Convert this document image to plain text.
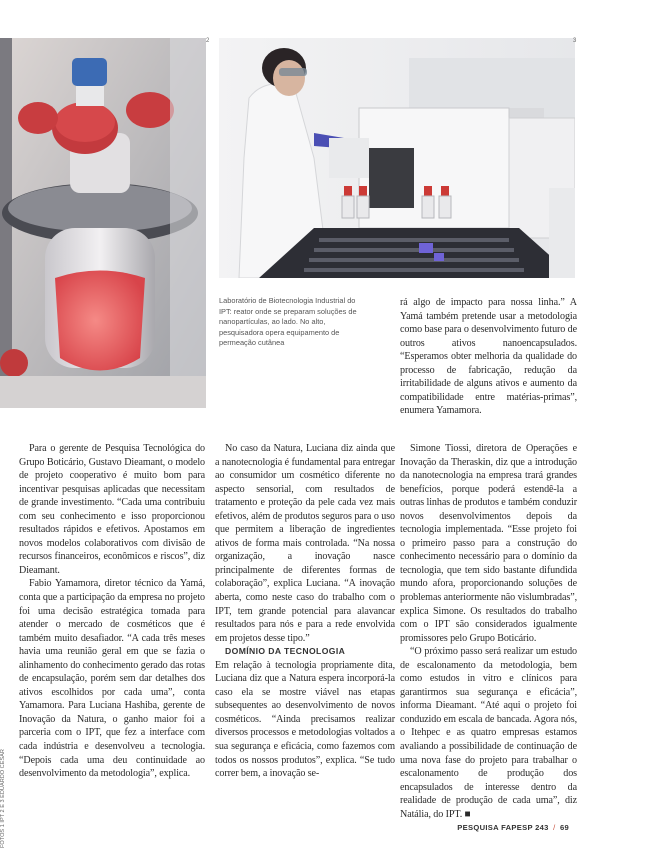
2	3
Laboratório de Biotecnologia Industrial do IPT: reator onde se preparam soluções de nanopartículas, ao lado. No alto, pesquisadora opera equipamento de permeação cutânea

rá algo de impacto para nossa linha.” A Yamá também pretende usar a metodologia como base para o desenvolvimento futuro de outros ativos nanoencapsulados. “Esperamos obter melhoria da qualidade do processo de fabricação, redução da irritabilidade de alguns ativos e aumento da compatibilidade entre matérias-primas”, enumera Yamamora.

Para o gerente de Pesquisa Tecnológica do Grupo Boticário, Gustavo Dieamant, o modelo de projeto cooperativo é muito bom para incentivar pesquisas aplicadas que necessitam de grande investimento. “Cada uma contribuiu com seu conhecimento e isso proporcionou resultados rápidos e efetivos. Apostamos em novos modelos colaborativos com divisão de recursos financeiros, econômicos e riscos”, diz Dieamant.

Fabio Yamamora, diretor técnico da Yamá, conta que a participação da empresa no projeto foi uma decisão estratégica tomada para atender o mercado de cosméticos que é também muito desafiador. “A cada três meses havia uma reunião geral em que se fazia o alinhamento do conhecimento gerado das rotas de encapsulação, porém sem dar detalhes dos ativos escolhidos por cada uma”, conta Yamamora. Para Luciana Hashiba, gerente de Inovação da Natura, o ganho maior foi a parceria com o IPT, que fez a interface com cada indústria e desenvolveu a tecnologia. “Depois cada uma deu continuidade ao desenvolvimento da metodologia”, explica.

No caso da Natura, Luciana diz ainda que a nanotecnologia é fundamental para entregar ao consumidor um cosmético diferente no aspecto sensorial, com resultados de tratamento e proteção da pele cada vez mais efetivos, além de produtos seguros para o uso que permitem a liberação de ingredientes ativos de forma mais controlada. “Na nossa organização, a inovação nasce principalmente de diferentes formas de colaboração”, explica Luciana. “A inovação aberta, como neste caso do trabalho com o IPT, tem grande potencial para alavancar resultados para nós e para a rede envolvida em projetos desse tipo.”

DOMÍNIO DA TECNOLOGIA

Em relação à tecnologia propriamente dita, Luciana diz que a Natura espera incorporá-la caso ela se mostre viável nas etapas subsequentes ao desenvolvimento de novos cosméticos. “Ainda precisamos realizar diversos processos e metodologias voltados a sua segurança e eficácia, como fazemos com todos os nossos produtos”, explica. “Se tudo correr bem, a inovação se-

Simone Tiossi, diretora de Operações e Inovação da Theraskin, diz que a introdução da nanotecnologia na empresa trará grandes benefícios, porque poderá estendê-la a outras linhas de produtos e também conduzir novos desenvolvimentos depois da tecnologia implementada. “Esse projeto foi o primeiro passo para a construção do conhecimento necessário para o domínio da tecnologia, que tem sido bastante difundida mundo afora, proporcionando soluções de problemas anteriormente não vislumbradas”, explica Simone. Os resultados do trabalho com o IPT são considerados igualmente promissores pelo Grupo Boticário.

“O próximo passo será realizar um estudo de escalonamento da metodologia, bem como estudos in vitro e clínicos para garantirmos sua segurança e eficácia”, informa Dieamant. “Até aqui o projeto foi conduzido em escala de bancada. Agora nós, o Itehpec e as quatro empresas estamos avaliando a possibilidade de continuação de uma nova fase do projeto para trabalhar o escalonamento de produção dos encapsulados de interesse dentro da realidade de produção de cada uma”, diz Natália, do IPT. ■

FOTOS 1 IPT 2 E 3 EDUARDO CESAR	PESQUISA FAPESP 243 / 69
